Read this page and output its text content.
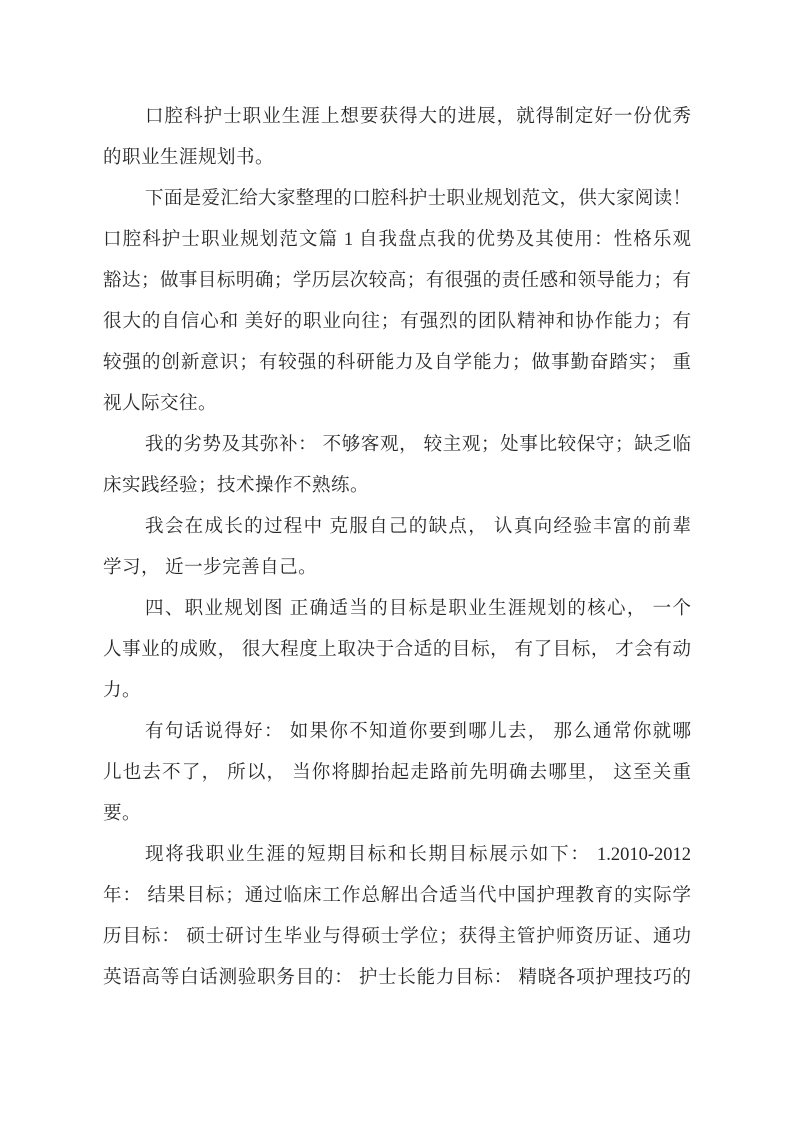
口腔科护士职业生涯上想要获得大的进展，就得制定好一份优秀
的职业生涯规划书。
下面是爱汇给大家整理的口腔科护士职业规划范文，供大家阅读！
口腔科护士职业规划范文篇 1 自我盘点我的优势及其使用：性格乐观
豁达；做事目标明确；学历层次较高；有很强的责任感和领导能力；有
很大的自信心和 美好的职业向往；有强烈的团队精神和协作能力；有
较强的创新意识；有较强的科研能力及自学能力；做事勤奋踏实； 重
视人际交往。
我的劣势及其弥补： 不够客观， 较主观；处事比较保守；缺乏临
床实践经验；技术操作不熟练。
我会在成长的过程中 克服自己的缺点， 认真向经验丰富的前辈
学习， 近一步完善自己。
四、职业规划图 正确适当的目标是职业生涯规划的核心， 一个
人事业的成败， 很大程度上取决于合适的目标， 有了目标， 才会有动
力。
有句话说得好： 如果你不知道你要到哪儿去， 那么通常你就哪
儿也去不了， 所以， 当你将脚抬起走路前先明确去哪里， 这至关重
要。
现将我职业生涯的短期目标和长期目标展示如下： 1.2010-2012
年： 结果目标；通过临床工作总解出合适当代中国护理教育的实际学
历目标： 硕士研讨生毕业与得硕士学位；获得主管护师资历证、通功
英语高等白话测验职务目的： 护士长能力目标： 精晓各项护理技巧的
